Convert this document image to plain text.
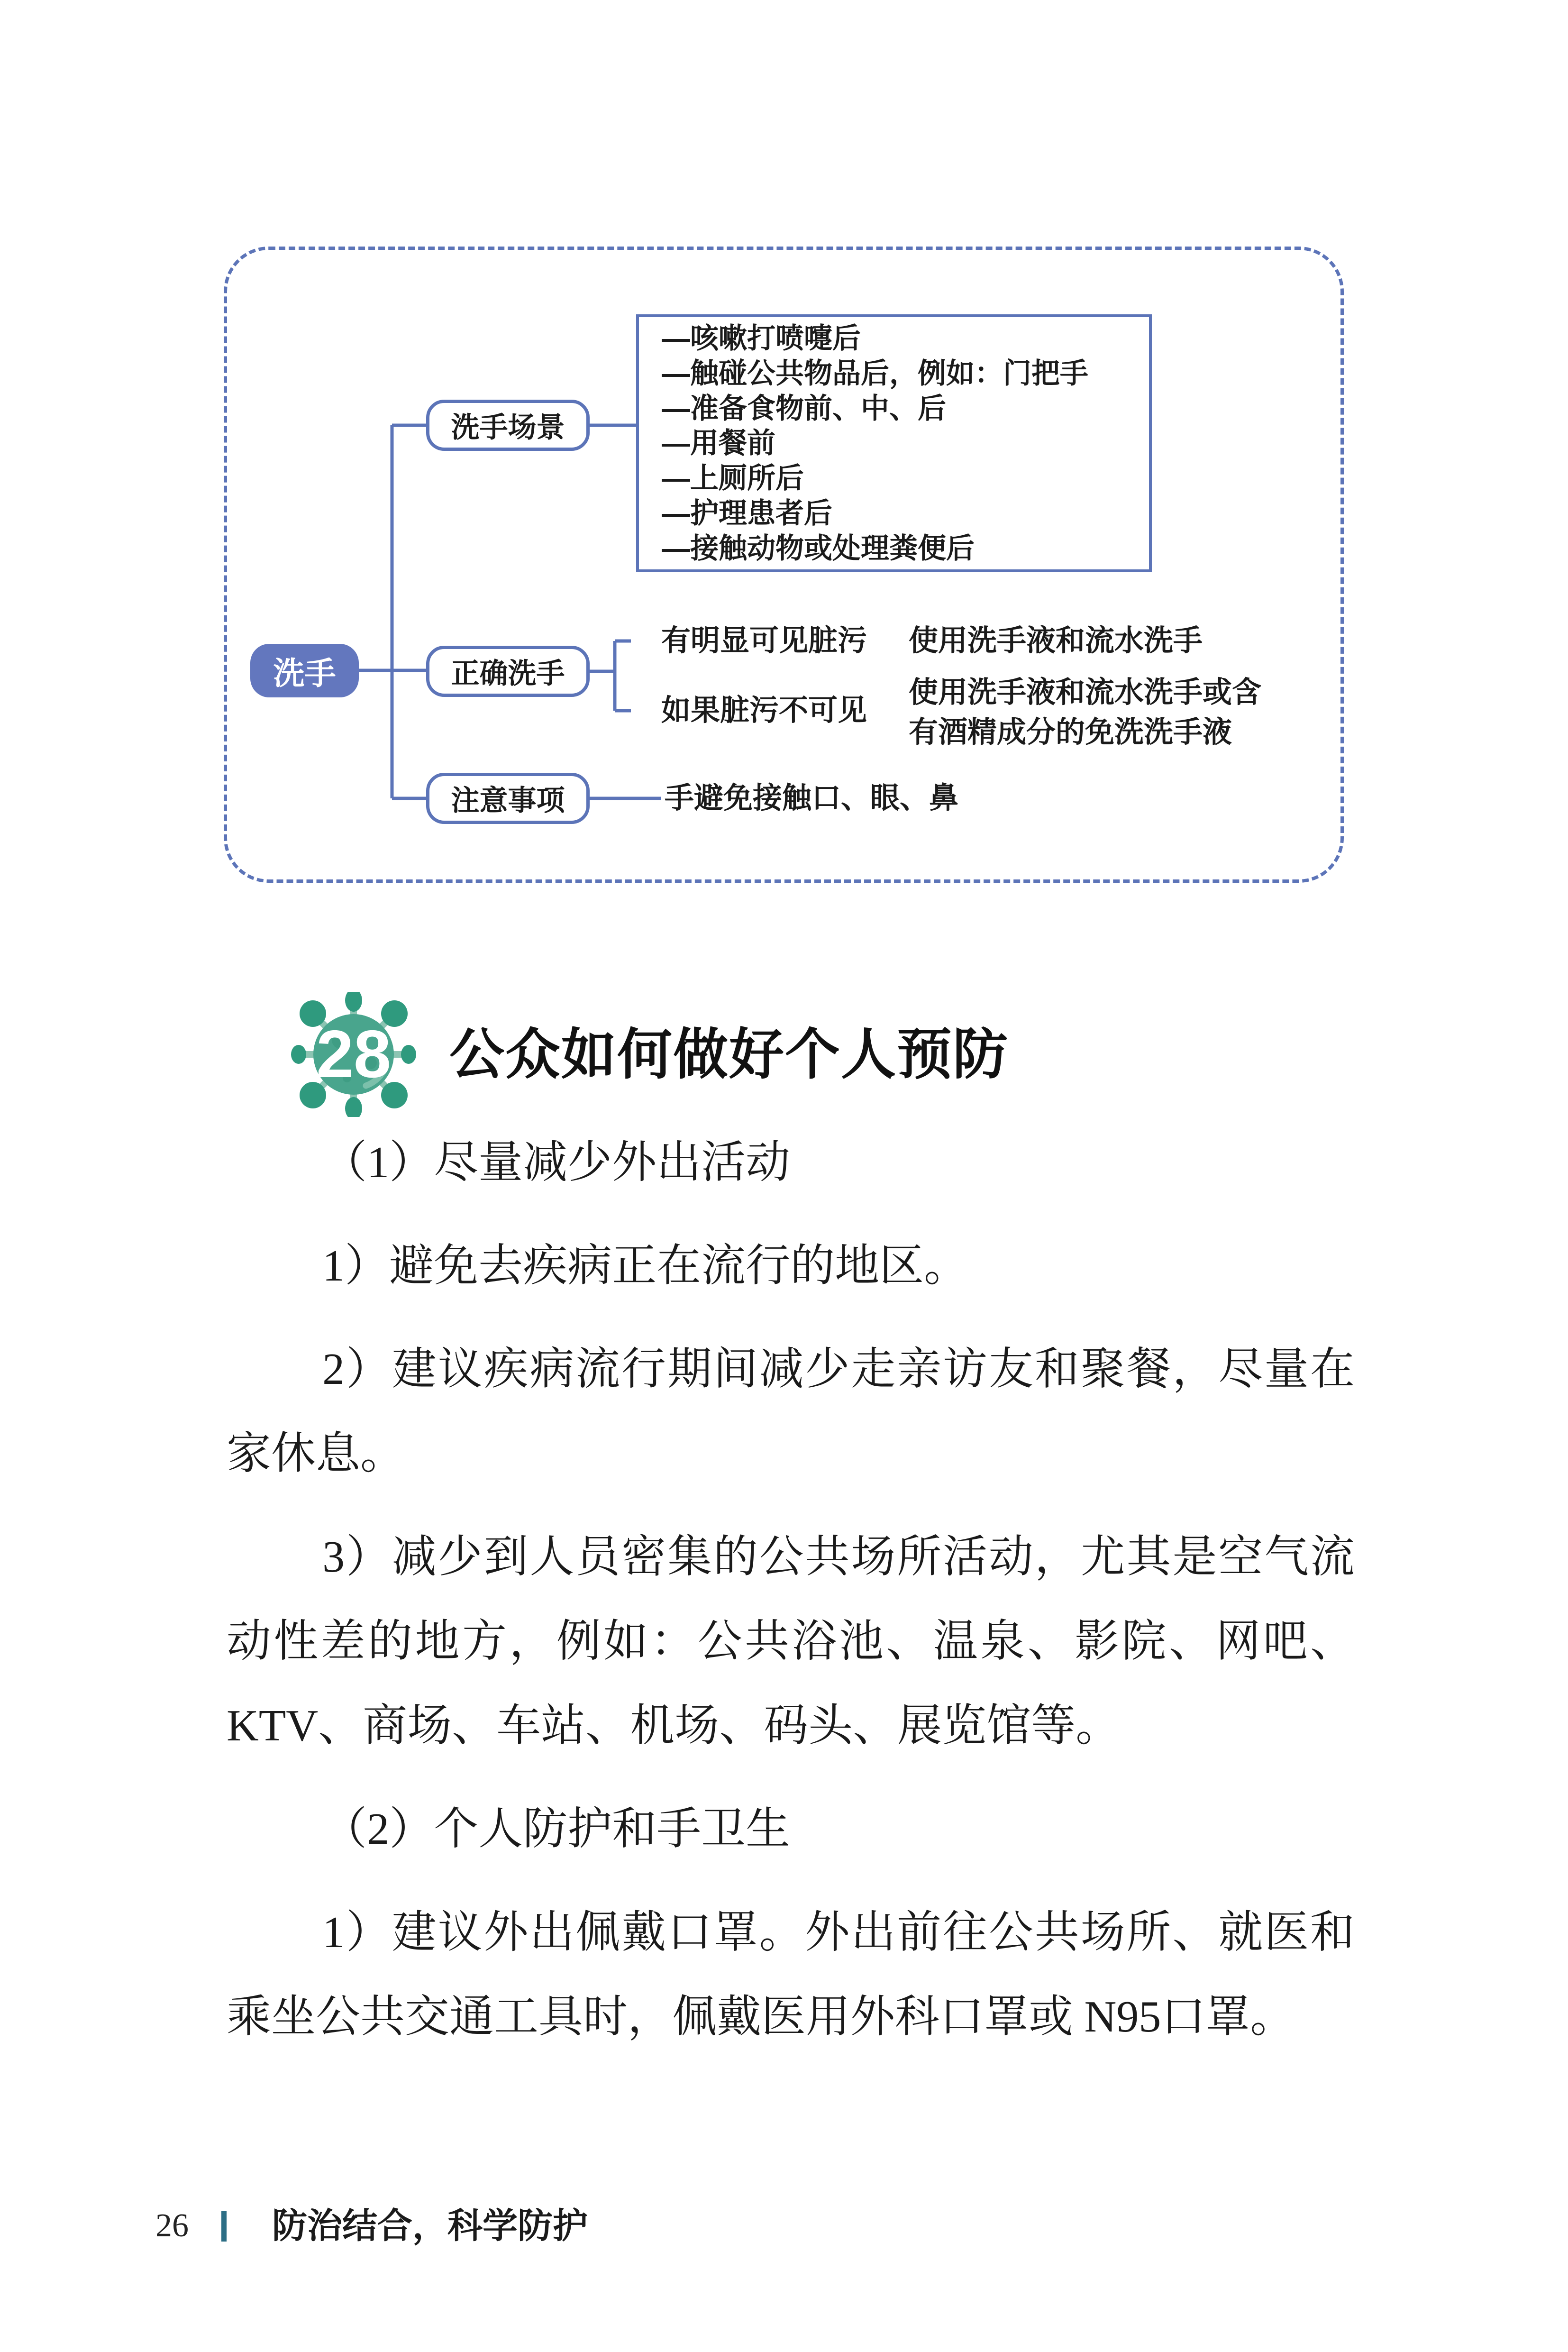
洗手
洗手场景
正确洗手
注意事项
—咳嗽打喷嚏后
—触碰公共物品后，例如：门把手
—准备食物前、中、后
—用餐前
—上厕所后
—护理患者后
—接触动物或处理粪便后
有明显可见脏污 使用洗手液和流水洗手
如果脏污不可见
使用洗手液和流水洗手或含
有酒精成分的免洗洗手液
手避免接触口、眼、鼻
28 公众如何做好个人预防

（1）尽量减少外出活动

1）避免去疾病正在流行的地区。

2）建议疾病流行期间减少走亲访友和聚餐，尽量在家休息。

3）减少到人员密集的公共场所活动，尤其是空气流动性差的地方，例如：公共浴池、温泉、影院、网吧、KTV、商场、车站、机场、码头、展览馆等。

（2）个人防护和手卫生

1）建议外出佩戴口罩。外出前往公共场所、就医和乘坐公共交通工具时，佩戴医用外科口罩或 N95口罩。

26 防治结合，科学防护
